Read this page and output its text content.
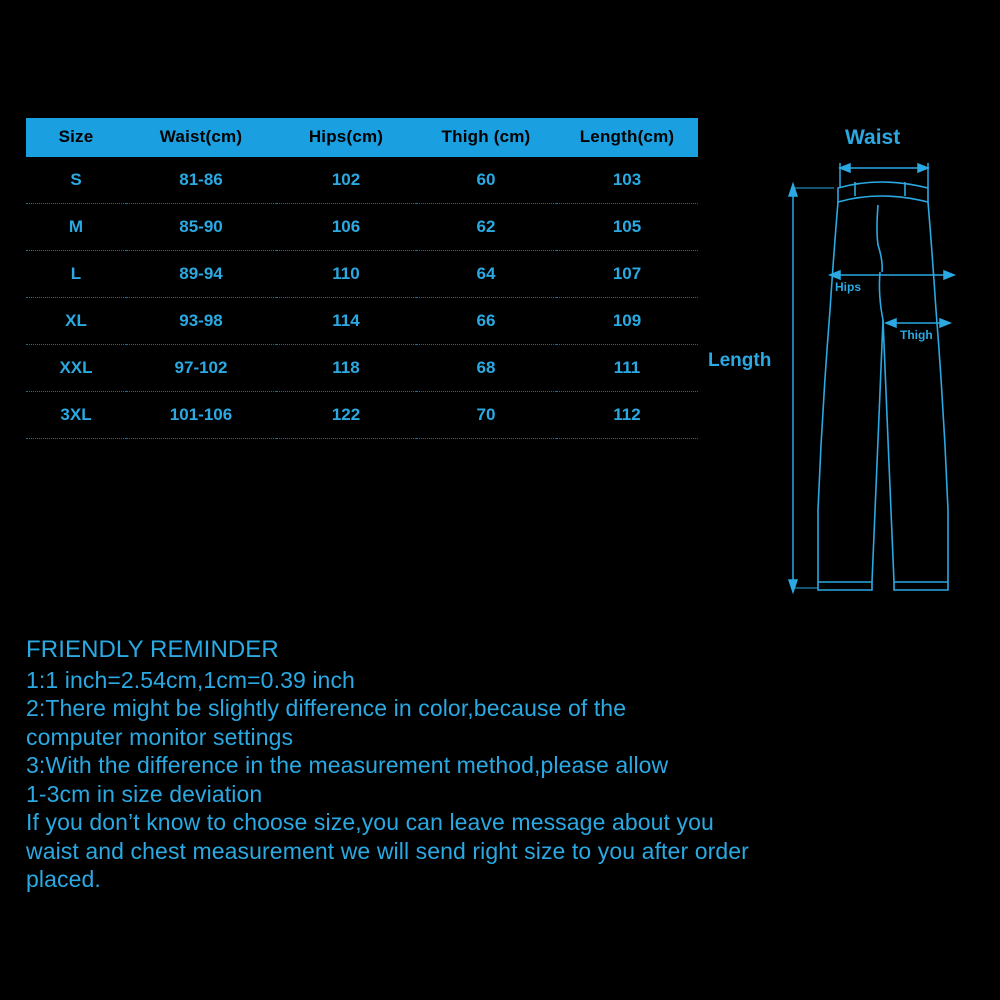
Size	Waist(cm)	Hips(cm)	Thigh (cm)	Length(cm)
S	81-86	102	60	103
M	85-90	106	62	105
L	89-94	110	64	107
XL	93-98	114	66	109
XXL	97-102	118	68	111
3XL	101-106	122	70	112
Waist
Length
Hips
Thigh

FRIENDLY REMINDER

1:1 inch=2.54cm,1cm=0.39 inch

2:There might be slightly difference in color,because of the

computer monitor settings

3:With the difference in the measurement method,please allow

1-3cm in size deviation

If you don’t know to choose size,you can leave message about you

waist and chest measurement we will send right size to you after order

placed.
